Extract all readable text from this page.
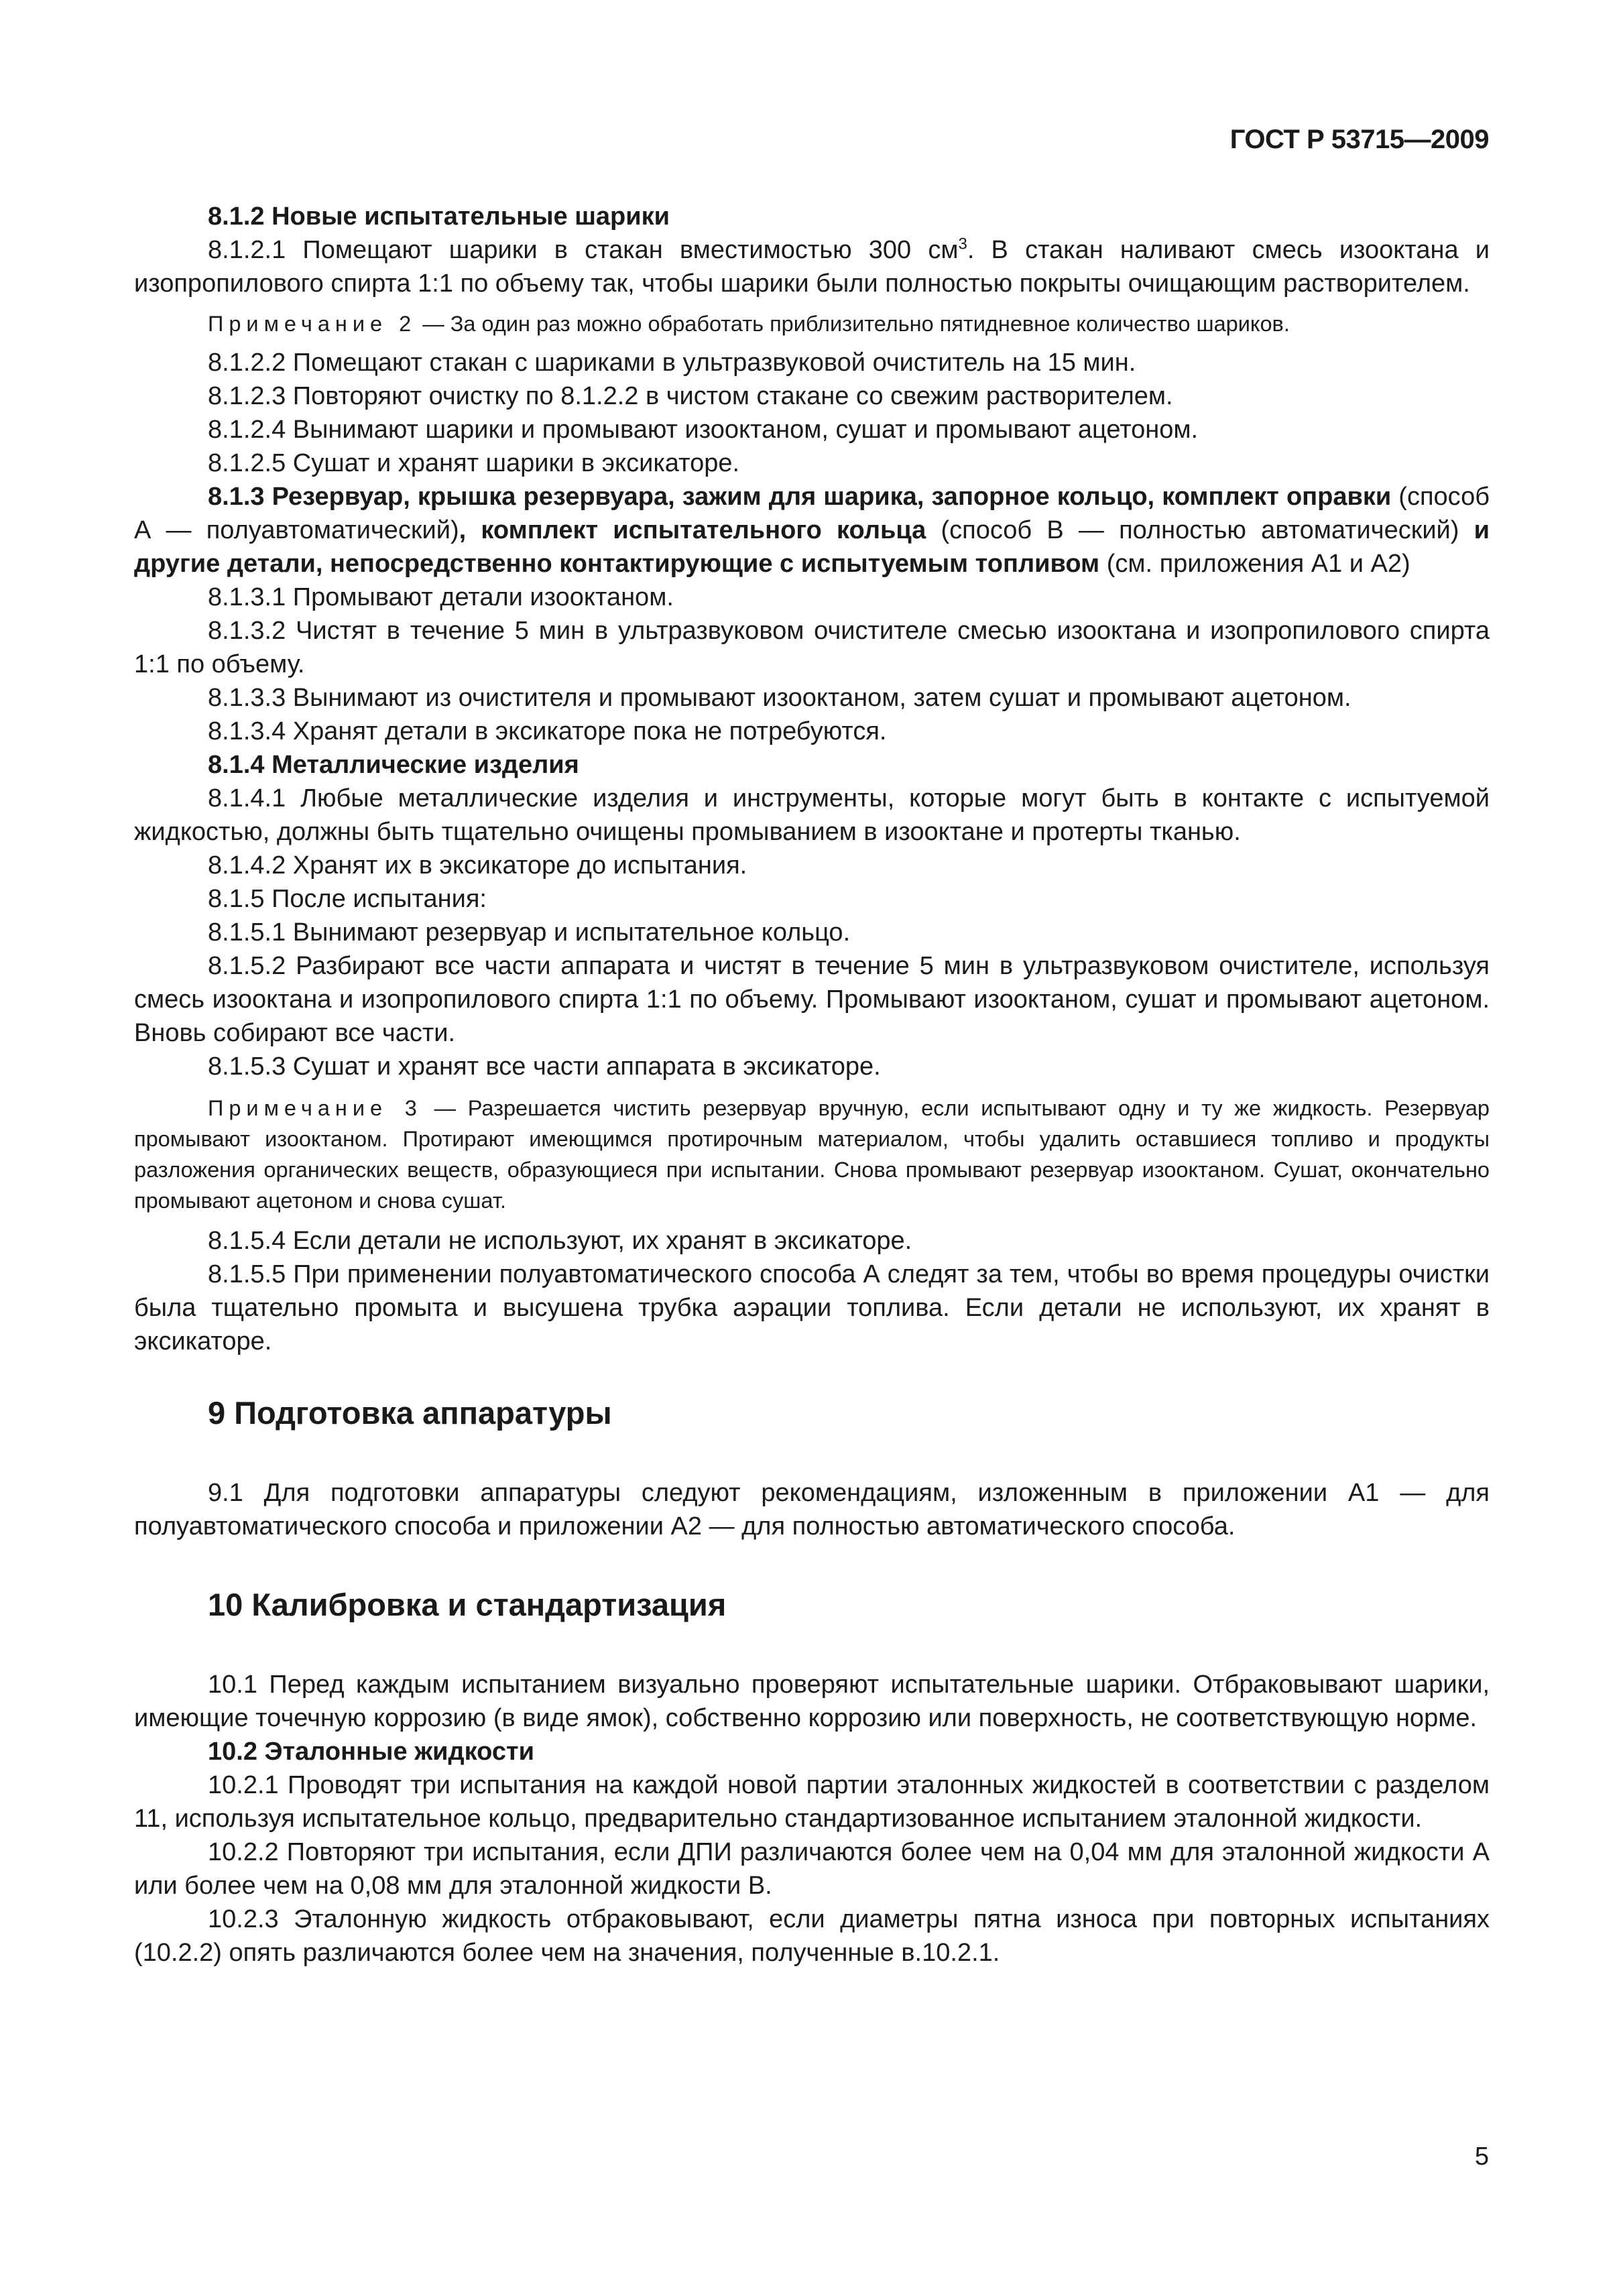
ГОСТ Р 53715—2009

8.1.2 Новые испытательные шарики

8.1.2.1 Помещают шарики в стакан вместимостью 300 $см^3$. В стакан наливают смесь изооктана и изопропилового спирта 1:1 по объему так, чтобы шарики были полностью покрыты очищающим растворителем.

Примечание 2 — За один раз можно обработать приблизительно пятидневное количество шариков.

8.1.2.2 Помещают стакан с шариками в ультразвуковой очиститель на 15 мин.

8.1.2.3 Повторяют очистку по 8.1.2.2 в чистом стакане со свежим растворителем.

8.1.2.4 Вынимают шарики и промывают изооктаном, сушат и промывают ацетоном.

8.1.2.5 Сушат и хранят шарики в эксикаторе.

8.1.3 Резервуар, крышка резервуара, зажим для шарика, запорное кольцо, комплект оправки (способ А — полуавтоматический), комплект испытательного кольца (способ В — полностью автоматический) и другие детали, непосредственно контактирующие с испытуемым топливом (см. приложения А1 и А2)

8.1.3.1 Промывают детали изооктаном.

8.1.3.2 Чистят в течение 5 мин в ультразвуковом очистителе смесью изооктана и изопропилового спирта 1:1 по объему.

8.1.3.3 Вынимают из очистителя и промывают изооктаном, затем сушат и промывают ацетоном.

8.1.3.4 Хранят детали в эксикаторе пока не потребуются.

8.1.4 Металлические изделия

8.1.4.1 Любые металлические изделия и инструменты, которые могут быть в контакте с испытуемой жидкостью, должны быть тщательно очищены промыванием в изооктане и протерты тканью.

8.1.4.2 Хранят их в эксикаторе до испытания.

8.1.5 После испытания:

8.1.5.1 Вынимают резервуар и испытательное кольцо.

8.1.5.2 Разбирают все части аппарата и чистят в течение 5 мин в ультразвуковом очистителе, используя смесь изооктана и изопропилового спирта 1:1 по объему. Промывают изооктаном, сушат и промывают ацетоном. Вновь собирают все части.

8.1.5.3 Сушат и хранят все части аппарата в эксикаторе.

Примечание 3 — Разрешается чистить резервуар вручную, если испытывают одну и ту же жидкость. Резервуар промывают изооктаном. Протирают имеющимся протирочным материалом, чтобы удалить оставшиеся топливо и продукты разложения органических веществ, образующиеся при испытании. Снова промывают резервуар изооктаном. Сушат, окончательно промывают ацетоном и снова сушат.

8.1.5.4 Если детали не используют, их хранят в эксикаторе.

8.1.5.5 При применении полуавтоматического способа А следят за тем, чтобы во время процедуры очистки была тщательно промыта и высушена трубка аэрации топлива. Если детали не используют, их хранят в эксикаторе.

9 Подготовка аппаратуры

9.1 Для подготовки аппаратуры следуют рекомендациям, изложенным в приложении А1 — для полуавтоматического способа и приложении А2 — для полностью автоматического способа.

10 Калибровка и стандартизация

10.1 Перед каждым испытанием визуально проверяют испытательные шарики. Отбраковывают шарики, имеющие точечную коррозию (в виде ямок), собственно коррозию или поверхность, не соответствующую норме.

10.2 Эталонные жидкости

10.2.1 Проводят три испытания на каждой новой партии эталонных жидкостей в соответствии с разделом 11, используя испытательное кольцо, предварительно стандартизованное испытанием эталонной жидкости.

10.2.2 Повторяют три испытания, если ДПИ различаются более чем на 0,04 мм для эталонной жидкости А или более чем на 0,08 мм для эталонной жидкости В.

10.2.3 Эталонную жидкость отбраковывают, если диаметры пятна износа при повторных испытаниях (10.2.2) опять различаются более чем на значения, полученные в.10.2.1.

5
